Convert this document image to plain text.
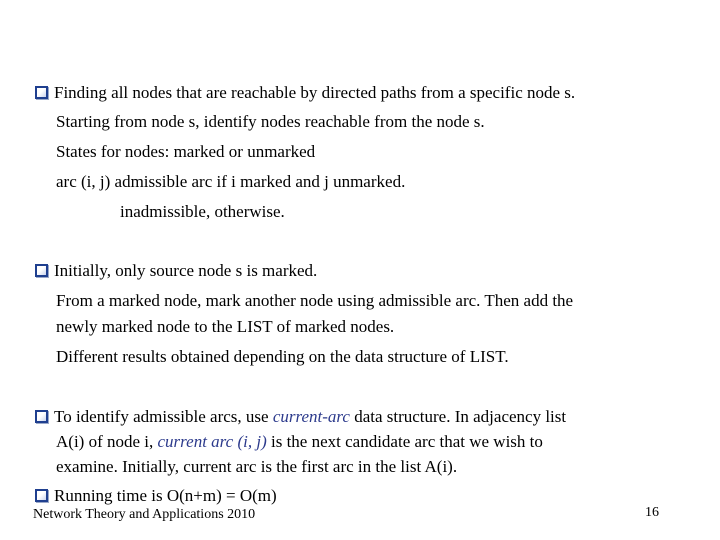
Finding all nodes that are reachable by directed paths from a specific node s.
Starting from node s, identify nodes reachable from the node s.
States for nodes: marked or unmarked
arc (i, j) admissible arc if i marked and j unmarked.
inadmissible, otherwise.
Initially, only source node s is marked.
From a marked node, mark another node using admissible arc. Then add the
newly marked node to the LIST of marked nodes.
Different results obtained depending on the data structure of LIST.
To identify admissible arcs, use current-arc data structure. In adjacency list
A(i) of node i, current arc (i, j) is the next candidate arc that we wish to
examine. Initially, current arc is the first arc in the list A(i).
Running time is O(n+m) = O(m)
Network Theory and Applications 2010	16
